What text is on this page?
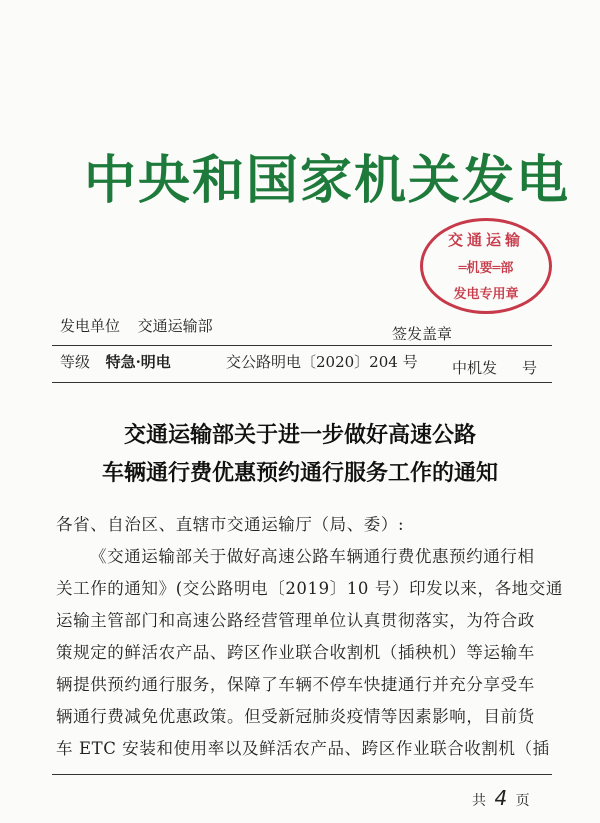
中央和国家机关发电
交通运输
═机要═部
发电专用章
发电单位 交通运输部	签发盖章
等级 特急·明电	交公路明电〔2020〕204 号 中机发 号
交通运输部关于进一步做好高速公路
车辆通行费优惠预约通行服务工作的通知
各省、自治区、直辖市交通运输厅（局、委）:
《交通运输部关于做好高速公路车辆通行费优惠预约通行相
关工作的通知》(交公路明电〔2019〕10 号）印发以来，各地交通
运输主管部门和高速公路经营管理单位认真贯彻落实，为符合政
策规定的鲜活农产品、跨区作业联合收割机（插秧机）等运输车
辆提供预约通行服务，保障了车辆不停车快捷通行并充分享受车
辆通行费减免优惠政策。但受新冠肺炎疫情等因素影响，目前货
车 ETC 安装和使用率以及鲜活农产品、跨区作业联合收割机（插
共 4 页
